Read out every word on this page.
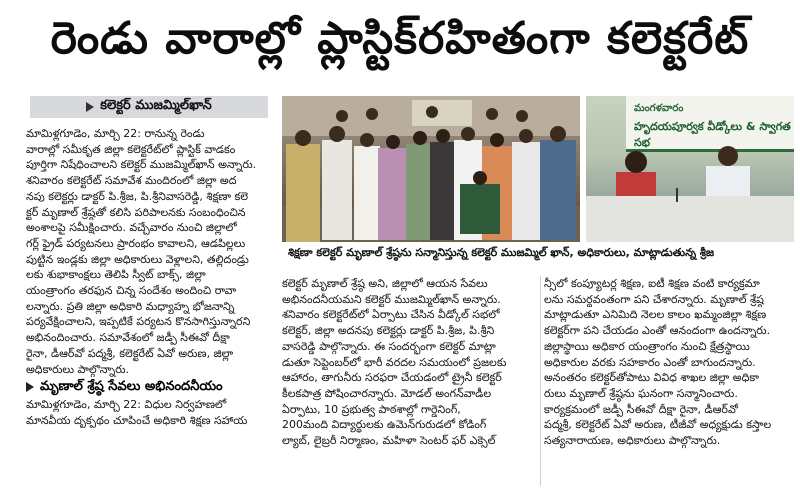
రెండు వారాల్లో ప్లాస్టిక్‌రహితంగా కలెక్టరేట్
కలెక్టర్ ముజమ్మిల్‌ఖాన్
మామిళ్లగూడెం, మార్చి 22: రానున్న రెండు
వారాల్లో సమీకృత జిల్లా కలెక్టరేట్‌లో ప్లాస్టిక్ వాడకం
పూర్తిగా నిషేధించాలని కలెక్టర్ ముజమ్మిల్‌ఖాన్ అన్నారు.
శనివారం కలెక్టరేట్ సమావేశ మందిరంలో జిల్లా అద
నపు కలెక్టర్లు డాక్టర్ పి.శ్రీజ, పి.శ్రీనివాసరెడ్డి, శిక్షణా కలె
క్టర్ మృణాల్ శ్రేష్ఠతో కలిసి పరిపాలనకు సంబంధించిన
అంశాలపై సమీక్షించారు. వచ్చేవారం నుంచి జిల్లాలో
గర్ల్ ఫ్రైడ్ పర్యటనలు ప్రారంభం కావాలని, ఆడపిల్లలు
పుట్టిన ఇండ్లకు జిల్లా అధికారులు వెళ్లాలని, తల్లిదండ్రు
లకు శుభాకాంక్షలు తెలిపి స్వీట్ బాక్స్, జిల్లా
యంత్రాంగం తరఫున చిన్న సందేశం అందించి రావా
లన్నారు. ప్రతి జిల్లా అధికారి మధ్యాహ్న భోజనాన్ని
పర్యవేక్షించాలని, ఇప్పటికే పర్యటన కొనసాగిస్తున్నారని
అభినందించారు. సమావేశంలో జడ్పీ సీఈవో దీక్షా
రైనా, డీఆర్‌వో పద్మశ్రీ, కలెక్టరేట్ ఏవో అరుణ, జిల్లా
అధికారులు పాల్గొన్నారు.
మృణాల్ శ్రేష్ఠ సేవలు అభినందనీయం
మామిళ్లగూడెం, మార్చి 22: విధుల నిర్వహణలో
మానవీయ దృక్పథం చూపించే అధికారి శిక్షణ సహాయ
మంగళవారం
హృదయపూర్వక వీడ్కోలు & స్వాగత సభ
శిక్షణా కలెక్టర్ మృణాల్ శ్రేష్ఠను సన్మానిస్తున్న కలెక్టర్ ముజమ్మిల్ ఖాన్, అధికారులు, మాట్లాడుతున్న శ్రీజ
కలెక్టర్ మృణాల్ శ్రేష్ఠ అని, జిల్లాలో ఆయన సేవలు
అభినందనీయమని కలెక్టర్ ముజమ్మిల్‌ఖాన్ అన్నారు.
శనివారం కలెక్టరేట్‌లో ఏర్పాటు చేసిన వీడ్కోల్ సభలో
కలెక్టర్, జిల్లా అదనపు కలెక్టర్లు డాక్టర్ పి.శ్రీజ, పి.శ్రీని
వాసరెడ్డి పాల్గొన్నారు. ఈ సందర్భంగా కలెక్టర్ మాట్లా
డుతూ సెప్టెంబర్‌లో భారీ వరదల సమయంలో ప్రజలకు
ఆహారం, తాగునీరు సరఫరా చేయడంలో ట్రైనీ కలెక్టర్
కీలకపాత్ర పోషించారన్నారు. మోడల్ అంగన్‌వాడీల
ఏర్పాటు, 10 ప్రభుత్వ పాఠశాల్లో గార్డెనింగ్,
200మంది విద్యార్థులకు ఉమెన్‌గురుడలో కోడింగ్
ల్యాబ్, లైబ్రరీ నిర్మాణం, మహిళా సెంటర్ ఫర్ ఎక్సెల్
న్సీలో కంప్యూటర్ల శిక్షణ, ఐటీ శిక్షణ వంటి కార్యక్రమా
లను సమర్థవంతంగా పని చేశారన్నారు. మృణాల్ శ్రేష్ఠ
మాట్లాడుతూ ఎనిమిది నెలల కాలం ఖమ్మంజిల్లా శిక్షణ
కలెక్టర్‌గా పని చేయడం ఎంతో ఆనందంగా ఉందన్నారు.
జిల్లాస్థాయి అధికార యంత్రాంగం నుంచి క్షేత్రస్థాయి
అధికారుల వరకు సహకారం ఎంతో బాగుందన్నారు.
అనంతరం కలెక్టర్‌తోపాటు వివిధ శాఖల జిల్లా అధికా
రులు మృణాల్ శ్రేష్ఠను ఘనంగా సన్మానించారు.
కార్యక్రమంలో జడ్పీ సీఈవో దీక్షా రైనా, డీఆర్‌వో
పద్మశ్రీ, కలెక్టరేట్ ఏవో అరుణ, టీజీవో అధ్యక్షుడు కస్తాల
సత్యనారాయణ, అధికారులు పాల్గొన్నారు.
